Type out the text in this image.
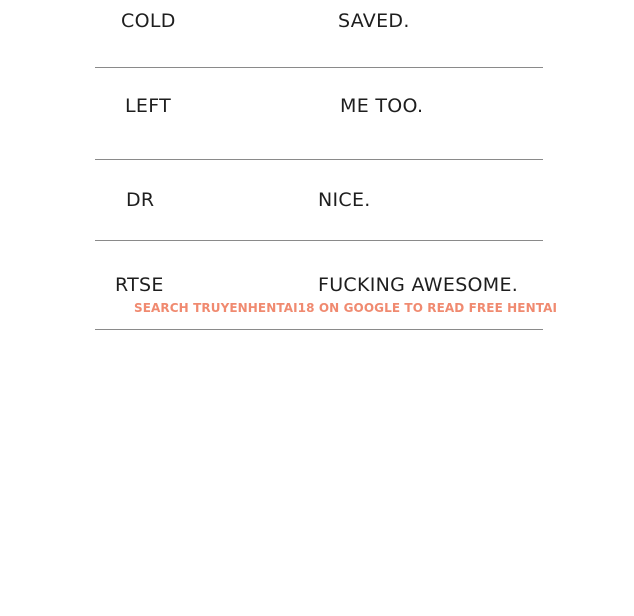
COLD	SAVED.
LEFT	ME TOO.
DR	NICE.
RTSE	FUCKING AWESOME.
SEARCH TRUYENHENTAI18 ON GOOGLE TO READ FREE HENTAI
